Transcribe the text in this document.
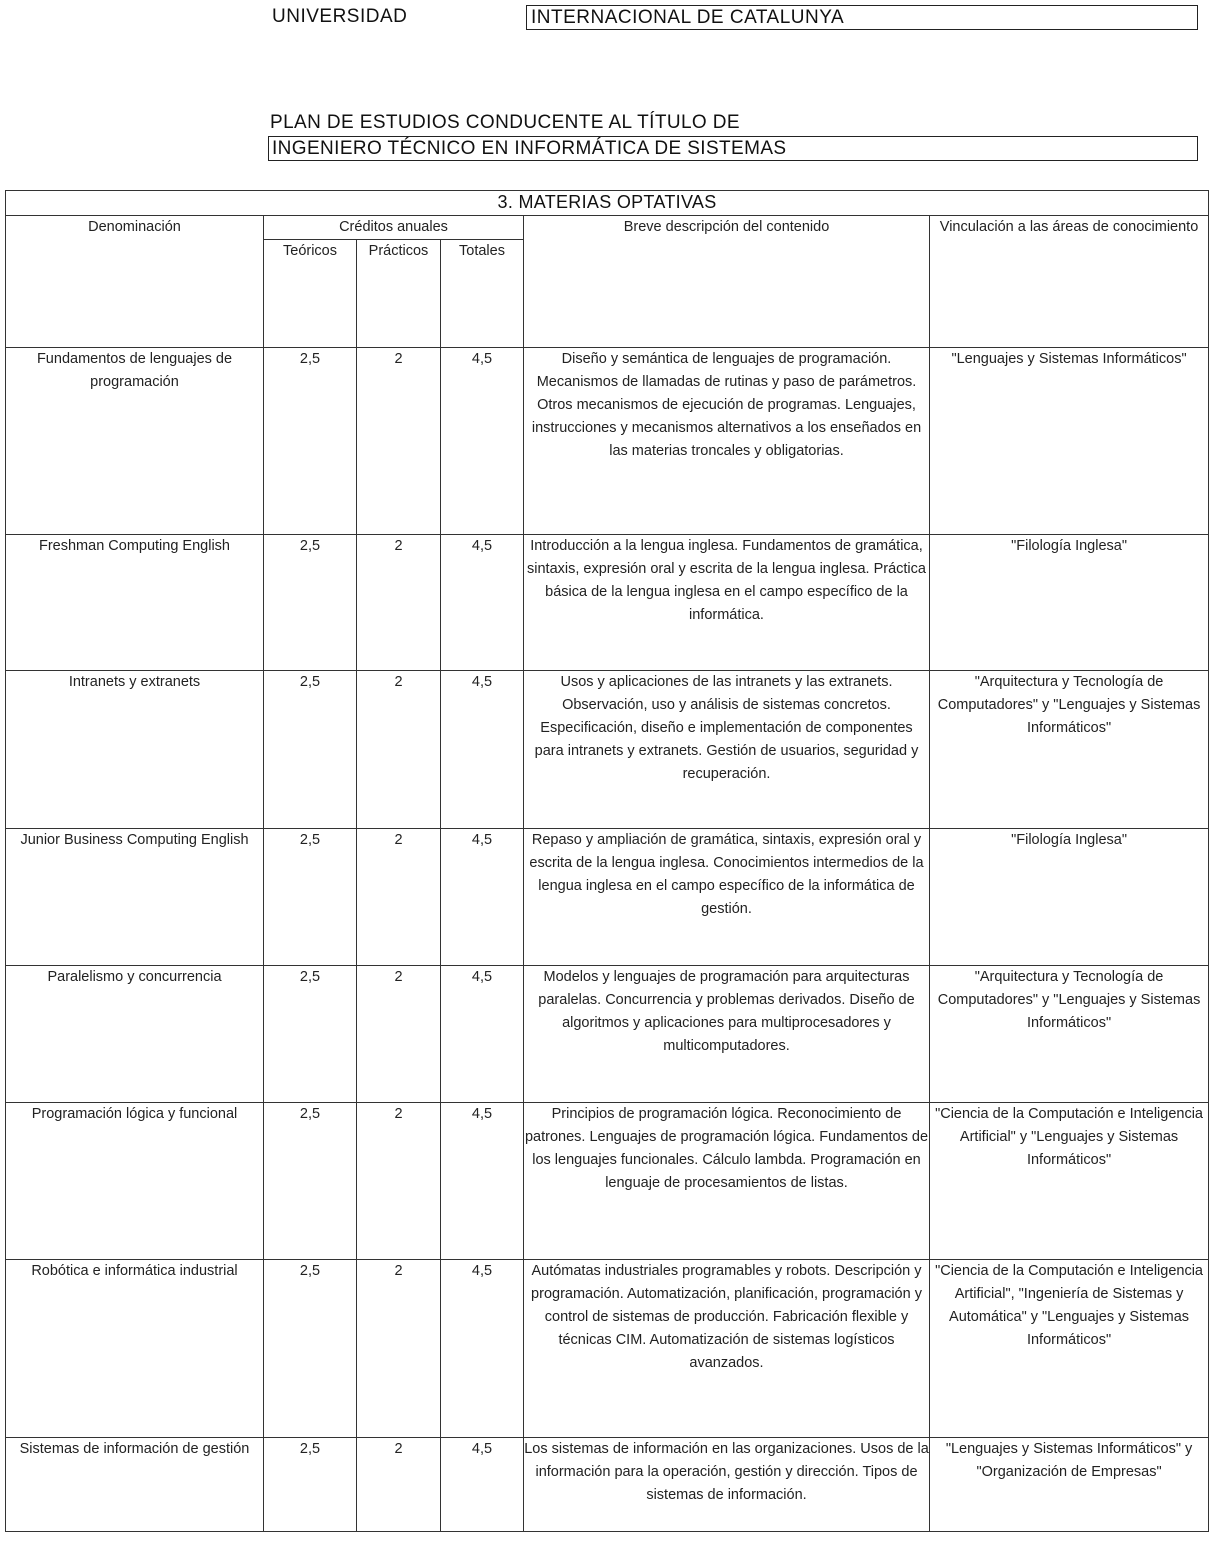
UNIVERSIDAD	INTERNACIONAL DE CATALUNYA
PLAN DE ESTUDIOS CONDUCENTE AL TÍTULO DE
INGENIERO TÉCNICO EN INFORMÁTICA DE SISTEMAS
3. MATERIAS OPTATIVAS					
Denominación	Créditos anuales			Breve descripción del contenido	Vinculación a las áreas de conocimiento
	Teóricos	Prácticos	Totales		
Fundamentos de lenguajes de programación	2,5	2	4,5	Diseño y semántica de lenguajes de programación. Mecanismos de llamadas de rutinas y paso de parámetros. Otros mecanismos de ejecución de programas. Lenguajes, instrucciones y mecanismos alternativos a los enseñados en las materias troncales y obligatorias.	"Lenguajes y Sistemas Informáticos"
Freshman Computing English	2,5	2	4,5	Introducción a la lengua inglesa. Fundamentos de gramática, sintaxis, expresión oral y escrita de la lengua inglesa. Práctica básica de la lengua inglesa en el campo específico de la informática.	"Filología Inglesa"
Intranets y extranets	2,5	2	4,5	Usos y aplicaciones de las intranets y las extranets. Observación, uso y análisis de sistemas concretos. Especificación, diseño e implementación de componentes para intranets y extranets. Gestión de usuarios, seguridad y recuperación.	"Arquitectura y Tecnología de Computadores" y "Lenguajes y Sistemas Informáticos"
Junior Business Computing English	2,5	2	4,5	Repaso y ampliación de gramática, sintaxis, expresión oral y escrita de la lengua inglesa. Conocimientos intermedios de la lengua inglesa en el campo específico de la informática de gestión.	"Filología Inglesa"
Paralelismo y concurrencia	2,5	2	4,5	Modelos y lenguajes de programación para arquitecturas paralelas. Concurrencia y problemas derivados. Diseño de algoritmos y aplicaciones para multiprocesadores y multicomputadores.	"Arquitectura y Tecnología de Computadores" y "Lenguajes y Sistemas Informáticos"
Programación lógica y funcional	2,5	2	4,5	Principios de programación lógica. Reconocimiento de patrones. Lenguajes de programación lógica. Fundamentos de los lenguajes funcionales. Cálculo lambda. Programación en lenguaje de procesamientos de listas.	"Ciencia de la Computación e Inteligencia Artificial" y "Lenguajes y Sistemas Informáticos"
Robótica e informática industrial	2,5	2	4,5	Autómatas industriales programables y robots. Descripción y programación. Automatización, planificación, programación y control de sistemas de producción. Fabricación flexible y técnicas CIM. Automatización de sistemas logísticos avanzados.	"Ciencia de la Computación e Inteligencia Artificial", "Ingeniería de Sistemas y Automática" y "Lenguajes y Sistemas Informáticos"
Sistemas de información de gestión	2,5	2	4,5	Los sistemas de información en las organizaciones. Usos de la información para la operación, gestión y dirección. Tipos de sistemas de información.	"Lenguajes y Sistemas Informáticos" y "Organización de Empresas"
